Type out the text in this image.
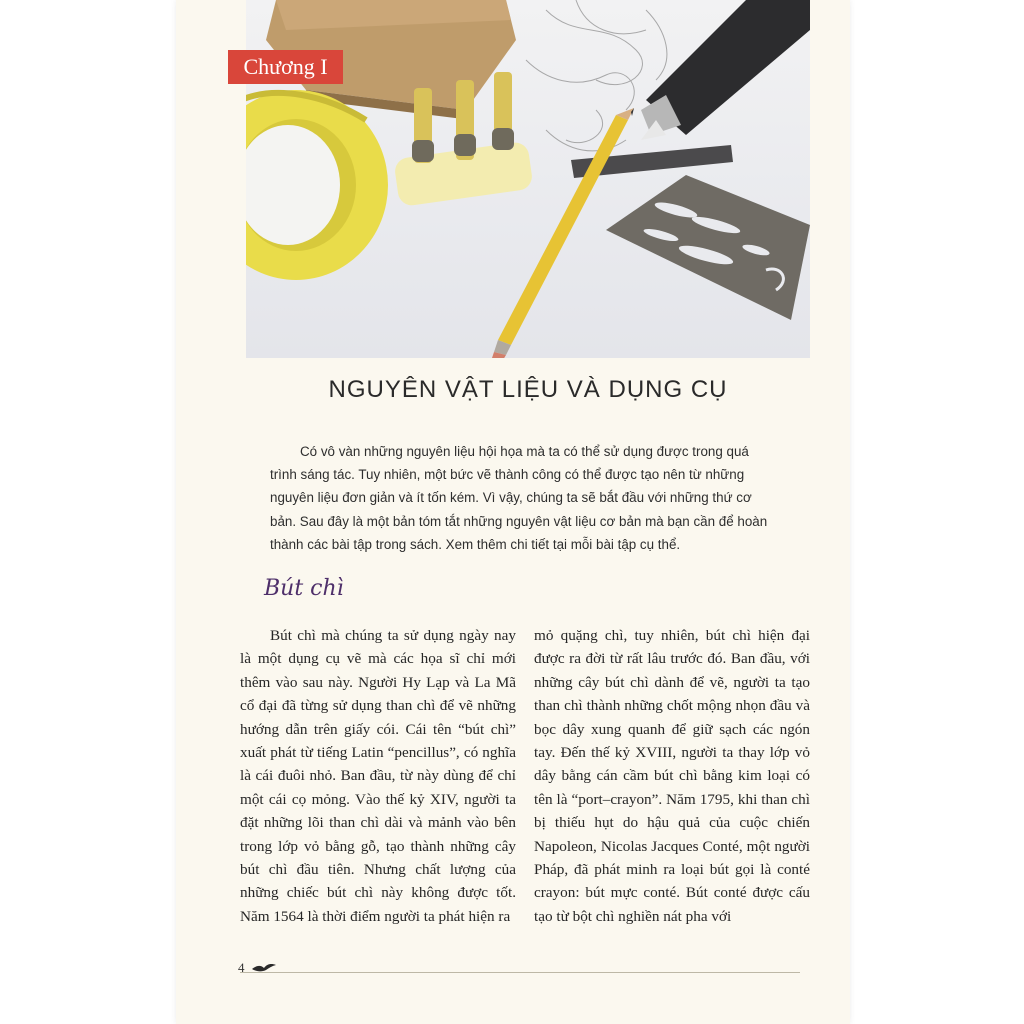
Chương I
NGUYÊN VẬT LIỆU VÀ DỤNG CỤ

Có vô vàn những nguyên liệu hội họa mà ta có thể sử dụng được trong quá trình sáng tác. Tuy nhiên, một bức vẽ thành công có thể được tạo nên từ những nguyên liệu đơn giản và ít tốn kém. Vì vậy, chúng ta sẽ bắt đầu với những thứ cơ bản. Sau đây là một bản tóm tắt những nguyên vật liệu cơ bản mà bạn cần để hoàn thành các bài tập trong sách. Xem thêm chi tiết tại mỗi bài tập cụ thể.

Bút chì

Bút chì mà chúng ta sử dụng ngày nay là một dụng cụ vẽ mà các họa sĩ chỉ mới thêm vào sau này. Người Hy Lạp và La Mã cổ đại đã từng sử dụng than chì để vẽ những hướng dẫn trên giấy cói. Cái tên “bút chì” xuất phát từ tiếng Latin “pencillus”, có nghĩa là cái đuôi nhỏ. Ban đầu, từ này dùng để chỉ một cái cọ mỏng. Vào thế kỷ XIV, người ta đặt những lõi than chì dài và mảnh vào bên trong lớp vỏ bằng gỗ, tạo thành những cây bút chì đầu tiên. Nhưng chất lượng của những chiếc bút chì này không được tốt. Năm 1564 là thời điểm người ta phát hiện ra

mỏ quặng chì, tuy nhiên, bút chì hiện đại được ra đời từ rất lâu trước đó. Ban đầu, với những cây bút chì dành để vẽ, người ta tạo than chì thành những chốt mộng nhọn đầu và bọc dây xung quanh để giữ sạch các ngón tay. Đến thế kỷ XVIII, người ta thay lớp vỏ dây bằng cán cầm bút chì bằng kim loại có tên là “port–crayon”. Năm 1795, khi than chì bị thiếu hụt do hậu quả của cuộc chiến Napoleon, Nicolas Jacques Conté, một người Pháp, đã phát minh ra loại bút gọi là conté crayon: bút mực conté. Bút conté được cấu tạo từ bột chì nghiền nát pha với

4
